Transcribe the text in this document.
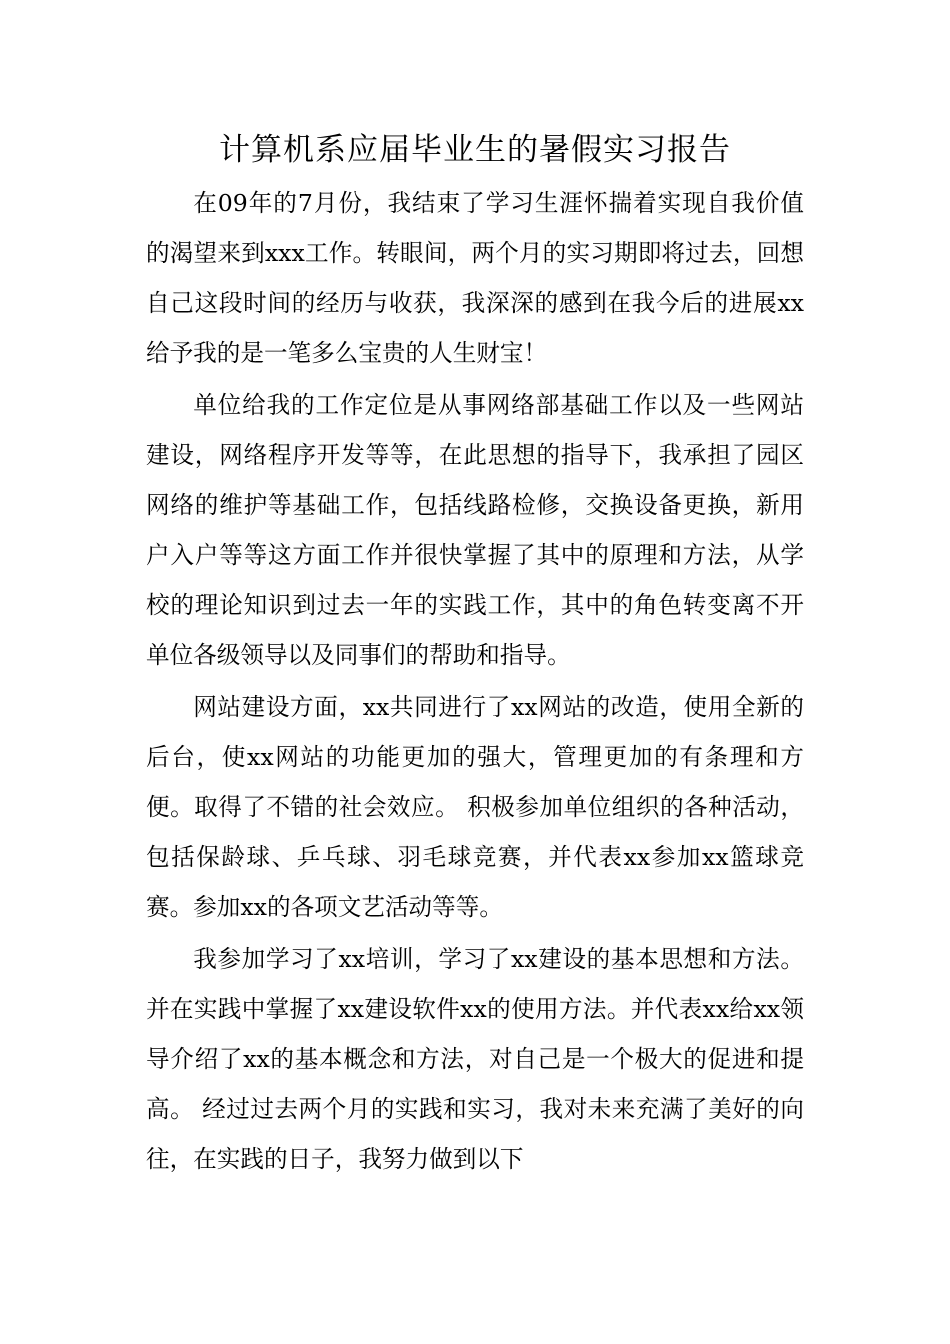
计算机系应届毕业生的暑假实习报告

在09年的7月份，我结束了学习生涯怀揣着实现自我价值的渴望来到xxx工作。转眼间，两个月的实习期即将过去，回想自己这段时间的经历与收获，我深深的感到在我今后的进展xx给予我的是一笔多么宝贵的人生财宝！

单位给我的工作定位是从事网络部基础工作以及一些网站建设，网络程序开发等等，在此思想的指导下，我承担了园区网络的维护等基础工作，包括线路检修，交换设备更换，新用户入户等等这方面工作并很快掌握了其中的原理和方法，从学校的理论知识到过去一年的实践工作，其中的角色转变离不开单位各级领导以及同事们的帮助和指导。

网站建设方面，xx共同进行了xx网站的改造，使用全新的后台，使xx网站的功能更加的强大，管理更加的有条理和方便。取得了不错的社会效应。 积极参加单位组织的各种活动，包括保龄球、乒乓球、羽毛球竞赛，并代表xx参加xx篮球竞赛。参加xx的各项文艺活动等等。

我参加学习了xx培训，学习了xx建设的基本思想和方法。并在实践中掌握了xx建设软件xx的使用方法。并代表xx给xx领导介绍了xx的基本概念和方法，对自己是一个极大的促进和提高。 经过过去两个月的实践和实习，我对未来充满了美好的向往，在实践的日子，我努力做到以下
